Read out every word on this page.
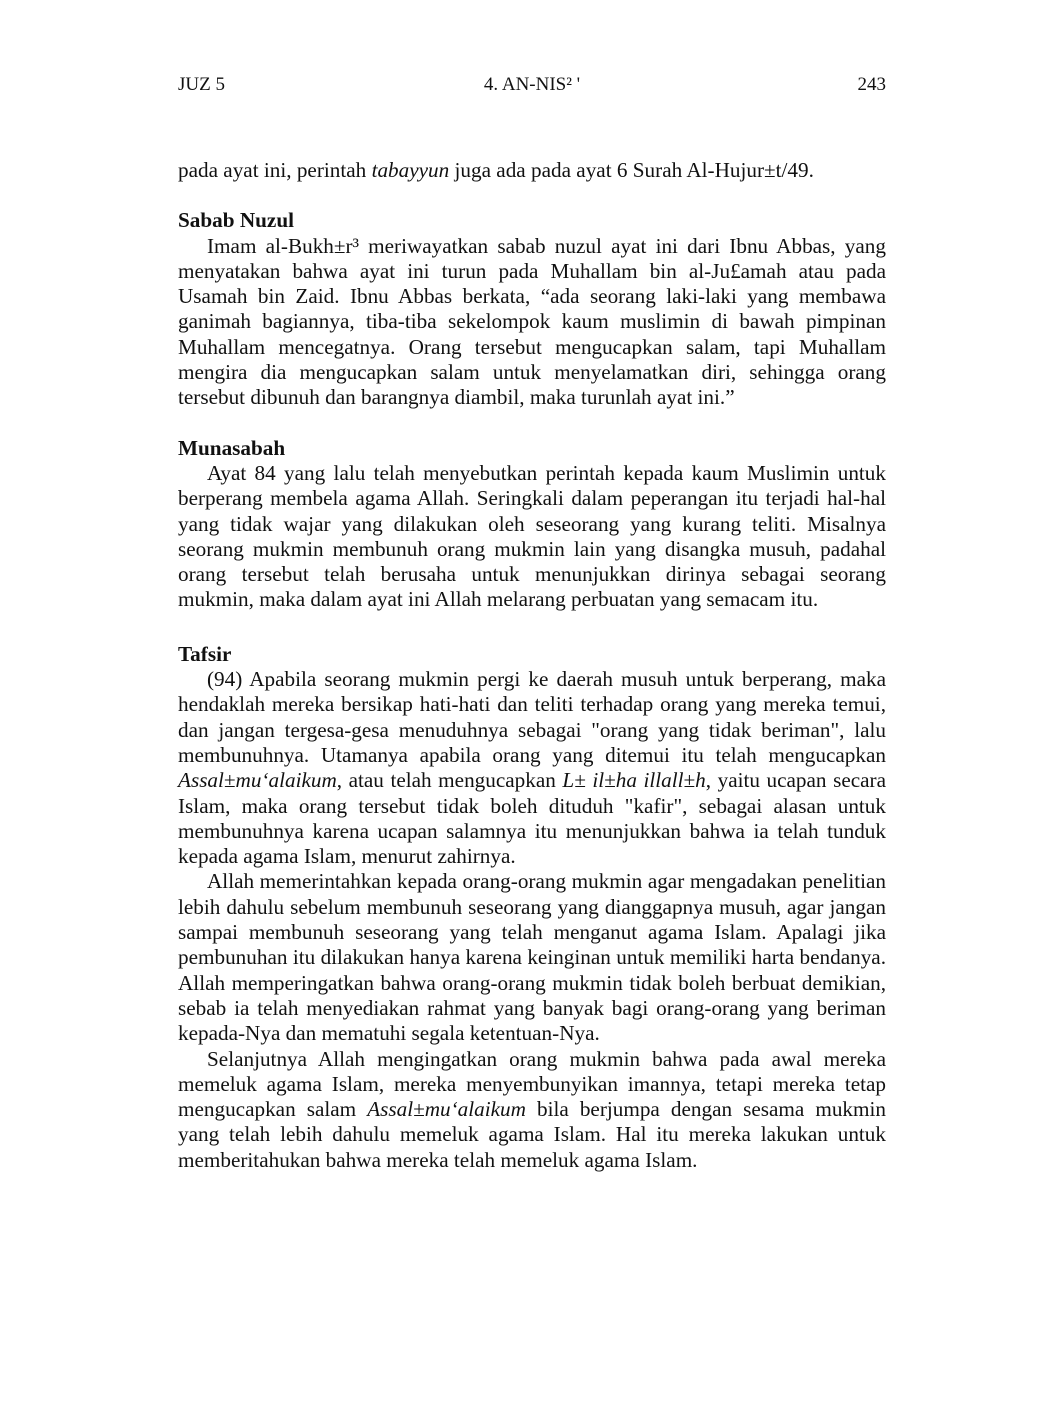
JUZ 5	4. AN-NIS² '	243

pada ayat ini, perintah tabayyun juga ada pada ayat 6 Surah Al-Hujur±t/49.

Sabab Nuzul

Imam al-Bukh±r³ meriwayatkan sabab nuzul ayat ini dari Ibnu Abbas, yang menyatakan bahwa ayat ini turun pada Muhallam bin al-Ju£amah atau pada Usamah bin Zaid. Ibnu Abbas berkata, “ada seorang laki-laki yang membawa ganimah bagiannya, tiba-tiba sekelompok kaum muslimin di bawah pimpinan Muhallam mencegatnya. Orang tersebut mengucapkan salam, tapi Muhallam mengira dia mengucapkan salam untuk menyelamatkan diri, sehingga orang tersebut dibunuh dan barangnya diambil, maka turunlah ayat ini.”

Munasabah

Ayat 84 yang lalu telah menyebutkan perintah kepada kaum Muslimin untuk berperang membela agama Allah. Seringkali dalam peperangan itu terjadi hal-hal yang tidak wajar yang dilakukan oleh seseorang yang kurang teliti. Misalnya seorang mukmin membunuh orang mukmin lain yang disangka musuh, padahal orang tersebut telah berusaha untuk menunjukkan dirinya sebagai seorang mukmin, maka dalam ayat ini Allah melarang perbuatan yang semacam itu.

Tafsir

(94) Apabila seorang mukmin pergi ke daerah musuh untuk berperang, maka hendaklah mereka bersikap hati-hati dan teliti terhadap orang yang mereka temui, dan jangan tergesa-gesa menuduhnya sebagai "orang yang tidak beriman", lalu membunuhnya. Utamanya apabila orang yang ditemui itu telah mengucapkan Assal±mu‘alaikum, atau telah mengucapkan L± il±ha illall±h, yaitu ucapan secara Islam, maka orang tersebut tidak boleh dituduh "kafir", sebagai alasan untuk membunuhnya karena ucapan salamnya itu menunjukkan bahwa ia telah tunduk kepada agama Islam, menurut zahirnya.

Allah memerintahkan kepada orang-orang mukmin agar mengadakan penelitian lebih dahulu sebelum membunuh seseorang yang dianggapnya musuh, agar jangan sampai membunuh seseorang yang telah menganut agama Islam. Apalagi jika pembunuhan itu dilakukan hanya karena keinginan untuk memiliki harta bendanya. Allah memperingatkan bahwa orang-orang mukmin tidak boleh berbuat demikian, sebab ia telah menyediakan rahmat yang banyak bagi orang-orang yang beriman kepada-Nya dan mematuhi segala ketentuan-Nya.

Selanjutnya Allah mengingatkan orang mukmin bahwa pada awal mereka memeluk agama Islam, mereka menyembunyikan imannya, tetapi mereka tetap mengucapkan salam Assal±mu‘alaikum bila berjumpa dengan sesama mukmin yang telah lebih dahulu memeluk agama Islam. Hal itu mereka lakukan untuk memberitahukan bahwa mereka telah memeluk agama Islam.
